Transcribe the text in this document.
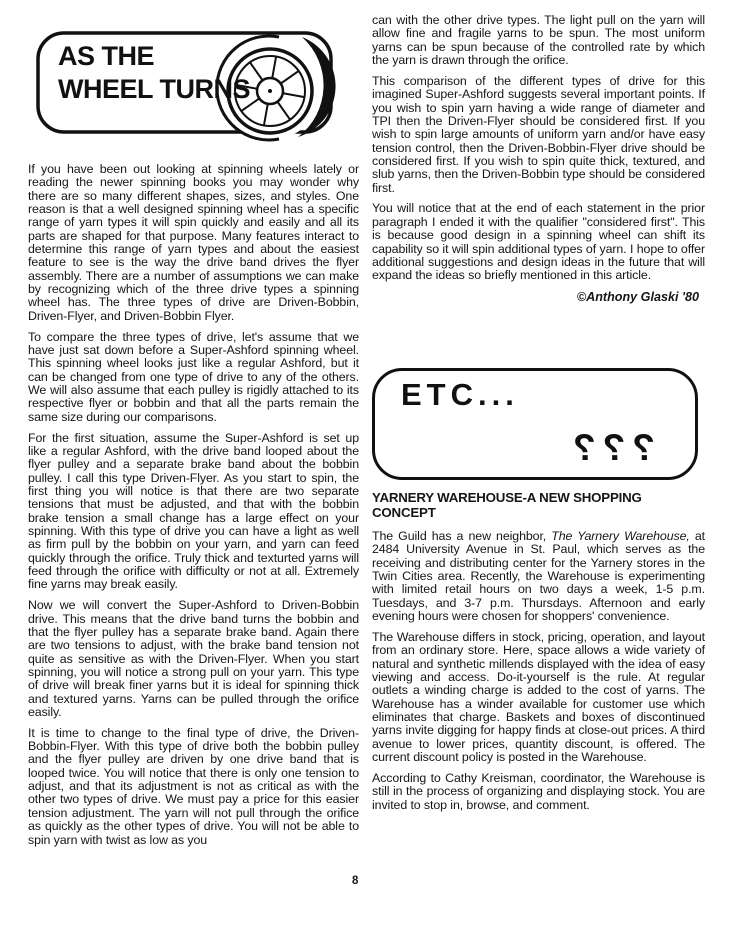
AS THE
WHEEL TURNS

If you have been out looking at spinning wheels lately or reading the newer spinning books you may wonder why there are so many different shapes, sizes, and styles. One reason is that a well designed spinning wheel has a specific range of yarn types it will spin quickly and easily and all its parts are shaped for that purpose. Many features interact to determine this range of yarn types and about the easiest feature to see is the way the drive band drives the flyer assembly. There are a number of assumptions we can make by recognizing which of the three drive types a spinning wheel has. The three types of drive are Driven-Bobbin, Driven-Flyer, and Driven-Bobbin Flyer.

To compare the three types of drive, let's assume that we have just sat down before a Super-Ashford spinning wheel. This spinning wheel looks just like a regular Ashford, but it can be changed from one type of drive to any of the others. We will also assume that each pulley is rigidly attached to its respective flyer or bobbin and that all the parts remain the same size during our comparisons.

For the first situation, assume the Super-Ashford is set up like a regular Ashford, with the drive band looped about the flyer pulley and a separate brake band about the bobbin pulley. I call this type Driven-Flyer. As you start to spin, the first thing you will notice is that there are two separate tensions that must be adjusted, and that with the bobbin brake tension a small change has a large effect on your spinning. With this type of drive you can have a light as well as firm pull by the bobbin on your yarn, and yarn can feed quickly through the orifice. Truly thick and texturted yarns will feed through the orifice with difficulty or not at all. Extremely fine yarns may break easily.

Now we will convert the Super-Ashford to Driven-Bobbin drive. This means that the drive band turns the bobbin and that the flyer pulley has a separate brake band. Again there are two tensions to adjust, with the brake band tension not quite as sensitive as with the Driven-Flyer. When you start spinning, you will notice a strong pull on your yarn. This type of drive will break finer yarns but it is ideal for spinning thick and textured yarns. Yarns can be pulled through the orifice easily.

It is time to change to the final type of drive, the Driven-Bobbin-Flyer. With this type of drive both the bobbin pulley and the flyer pulley are driven by one drive band that is looped twice. You will notice that there is only one tension to adjust, and that its adjustment is not as critical as with the other two types of drive. We must pay a price for this easier tension adjustment. The yarn will not pull through the orifice as quickly as the other types of drive. You will not be able to spin yarn with twist as low as you

can with the other drive types. The light pull on the yarn will allow fine and fragile yarns to be spun. The most uniform yarns can be spun because of the controlled rate by which the yarn is drawn through the orifice.

This comparison of the different types of drive for this imagined Super-Ashford suggests several important points. If you wish to spin yarn having a wide range of diameter and TPI then the Driven-Flyer should be considered first. If you wish to spin large amounts of uniform yarn and/or have easy tension control, then the Driven-Bobbin-Flyer drive should be considered first. If you wish to spin quite thick, textured, and slub yarns, then the Driven-Bobbin type should be considered first.

You will notice that at the end of each statement in the prior paragraph I ended it with the qualifier "considered first". This is because good design in a spinning wheel can shift its capability so it will spin additional types of yarn. I hope to offer additional suggestions and design ideas in the future that will expand the ideas so briefly mentioned in this article.

©Anthony Glaski '80
ETC...
???
YARNERY WAREHOUSE-A NEW SHOPPING CONCEPT

The Guild has a new neighbor, The Yarnery Warehouse, at 2484 University Avenue in St. Paul, which serves as the receiving and distributing center for the Yarnery stores in the Twin Cities area. Recently, the Warehouse is experimenting with limited retail hours on two days a week, 1-5 p.m. Tuesdays, and 3-7 p.m. Thursdays. Afternoon and early evening hours were chosen for shoppers' convenience.

The Warehouse differs in stock, pricing, operation, and layout from an ordinary store. Here, space allows a wide variety of natural and synthetic millends displayed with the idea of easy viewing and access. Do-it-yourself is the rule. At regular outlets a winding charge is added to the cost of yarns. The Warehouse has a winder available for customer use which eliminates that charge. Baskets and boxes of discontinued yarns invite digging for happy finds at close-out prices. A third avenue to lower prices, quantity discount, is offered. The current discount policy is posted in the Warehouse.

According to Cathy Kreisman, coordinator, the Warehouse is still in the process of organizing and displaying stock. You are invited to stop in, browse, and comment.

8
